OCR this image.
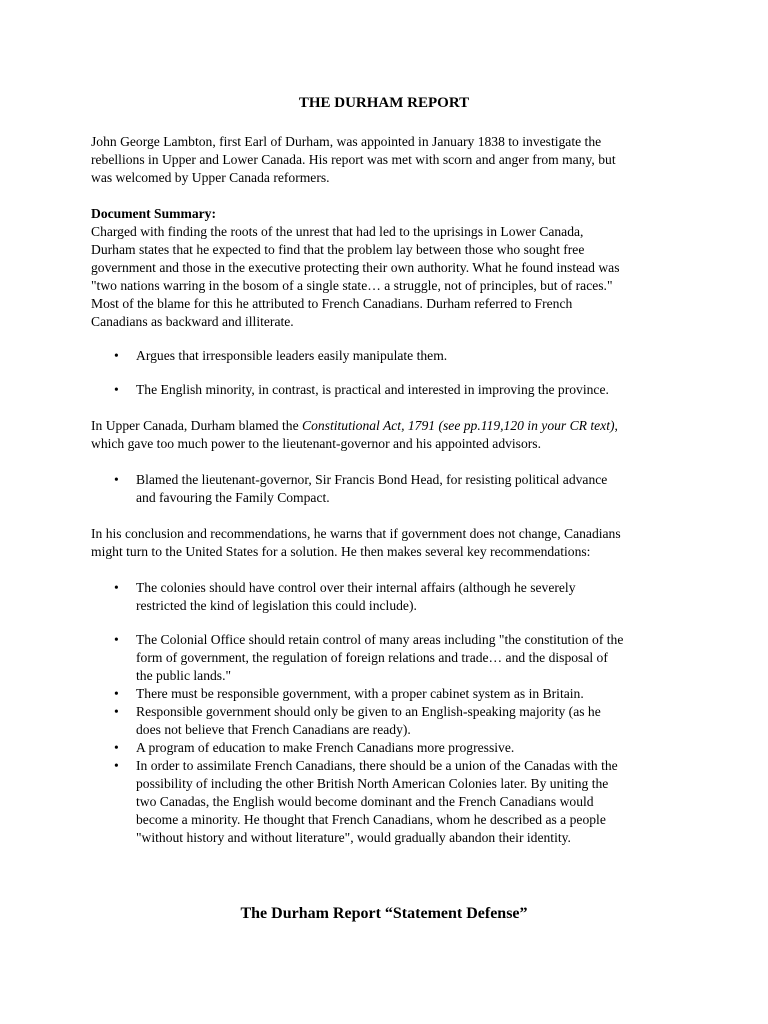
THE DURHAM REPORT
John George Lambton, first Earl of Durham, was appointed in January 1838 to investigate the
rebellions in Upper and Lower Canada. His report was met with scorn and anger from many, but
was welcomed by Upper Canada reformers.
Document Summary:
Charged with finding the roots of the unrest that had led to the uprisings in Lower Canada,
Durham states that he expected to find that the problem lay between those who sought free
government and those in the executive protecting their own authority. What he found instead was
"two nations warring in the bosom of a single state… a struggle, not of principles, but of races."
Most of the blame for this he attributed to French Canadians. Durham referred to French
Canadians as backward and illiterate.
• Argues that irresponsible leaders easily manipulate them.
• The English minority, in contrast, is practical and interested in improving the province.
In Upper Canada, Durham blamed the Constitutional Act, 1791 (see pp.119,120 in your CR text),
which gave too much power to the lieutenant-governor and his appointed advisors.
• Blamed the lieutenant-governor, Sir Francis Bond Head, for resisting political advance
and favouring the Family Compact.
In his conclusion and recommendations, he warns that if government does not change, Canadians
might turn to the United States for a solution. He then makes several key recommendations:
• The colonies should have control over their internal affairs (although he severely
restricted the kind of legislation this could include).
• The Colonial Office should retain control of many areas including "the constitution of the
form of government, the regulation of foreign relations and trade… and the disposal of
the public lands."
• There must be responsible government, with a proper cabinet system as in Britain.
• Responsible government should only be given to an English-speaking majority (as he
does not believe that French Canadians are ready).
• A program of education to make French Canadians more progressive.
• In order to assimilate French Canadians, there should be a union of the Canadas with the
possibility of including the other British North American Colonies later. By uniting the
two Canadas, the English would become dominant and the French Canadians would
become a minority. He thought that French Canadians, whom he described as a people
"without history and without literature", would gradually abandon their identity.
The Durham Report “Statement Defense”
